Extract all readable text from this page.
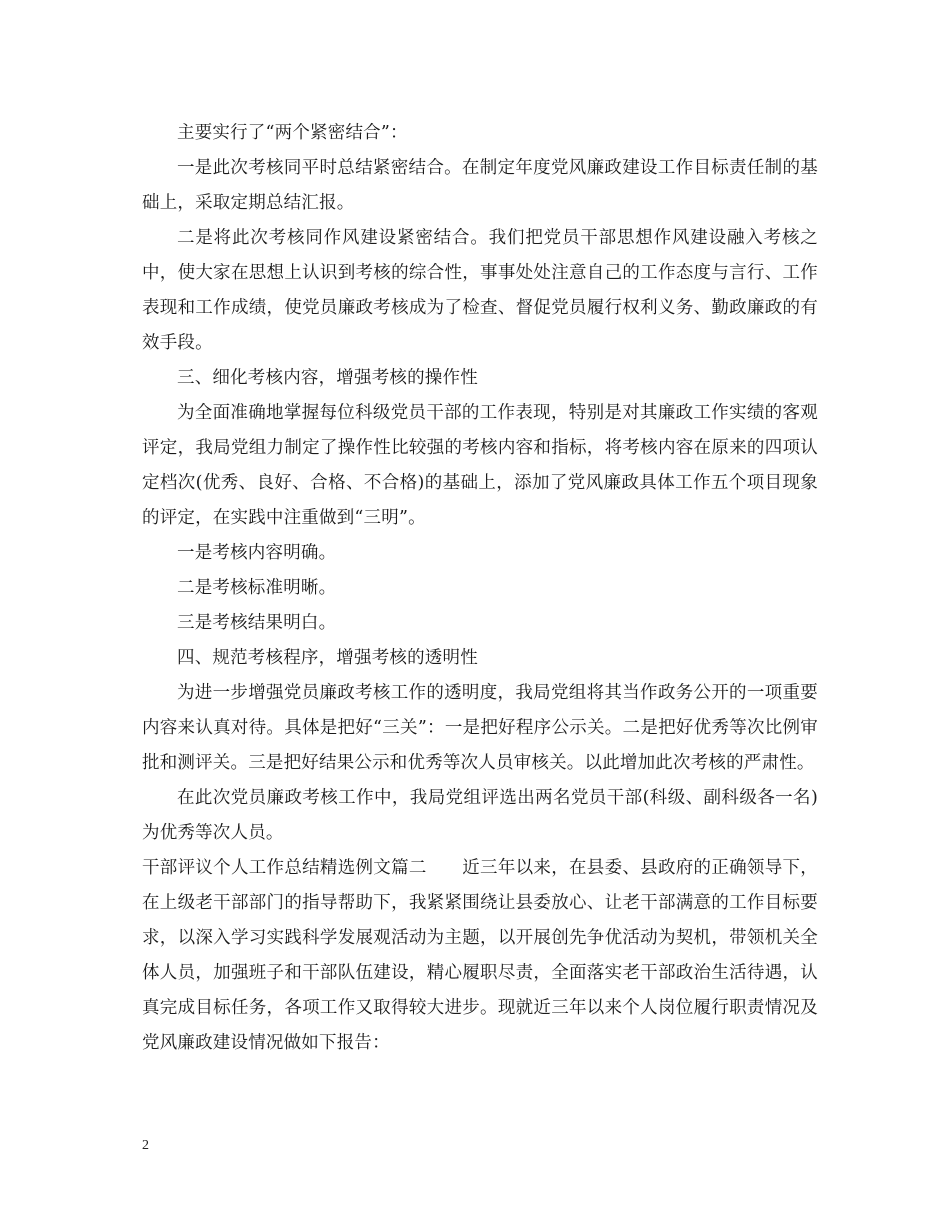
主要实行了“两个紧密结合”：

一是此次考核同平时总结紧密结合。在制定年度党风廉政建设工作目标责任制的基础上，采取定期总结汇报。

二是将此次考核同作风建设紧密结合。我们把党员干部思想作风建设融入考核之中，使大家在思想上认识到考核的综合性，事事处处注意自己的工作态度与言行、工作表现和工作成绩，使党员廉政考核成为了检查、督促党员履行权利义务、勤政廉政的有效手段。

三、细化考核内容，增强考核的操作性

为全面准确地掌握每位科级党员干部的工作表现，特别是对其廉政工作实绩的客观评定，我局党组力制定了操作性比较强的考核内容和指标，将考核内容在原来的四项认定档次(优秀、良好、合格、不合格)的基础上，添加了党风廉政具体工作五个项目现象的评定，在实践中注重做到“三明”。

一是考核内容明确。

二是考核标准明晰。

三是考核结果明白。

四、规范考核程序，增强考核的透明性

为进一步增强党员廉政考核工作的透明度，我局党组将其当作政务公开的一项重要内容来认真对待。具体是把好“三关”：一是把好程序公示关。二是把好优秀等次比例审批和测评关。三是把好结果公示和优秀等次人员审核关。以此增加此次考核的严肃性。

在此次党员廉政考核工作中，我局党组评选出两名党员干部(科级、副科级各一名)为优秀等次人员。

干部评议个人工作总结精选例文篇二　　近三年以来，在县委、县政府的正确领导下，在上级老干部部门的指导帮助下，我紧紧围绕让县委放心、让老干部满意的工作目标要求，以深入学习实践科学发展观活动为主题，以开展创先争优活动为契机，带领机关全体人员，加强班子和干部队伍建设，精心履职尽责，全面落实老干部政治生活待遇，认真完成目标任务，各项工作又取得较大进步。现就近三年以来个人岗位履行职责情况及党风廉政建设情况做如下报告：

2
